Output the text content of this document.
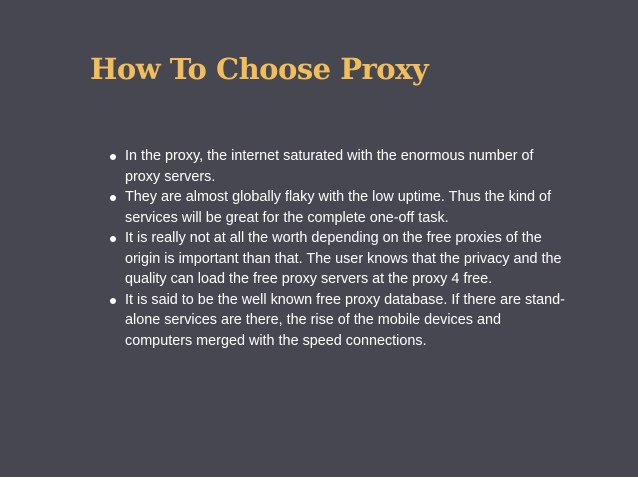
How To Choose Proxy
In the proxy, the internet saturated with the enormous number of proxy servers.
They are almost globally flaky with the low uptime. Thus the kind of services will be great for the complete one-off task.
It is really not at all the worth depending on the free proxies of the origin is important than that. The user knows that the privacy and the quality can load the free proxy servers at the proxy 4 free.
It is said to be the well known free proxy database. If there are stand-alone services are there, the rise of the mobile devices and computers merged with the speed connections.
